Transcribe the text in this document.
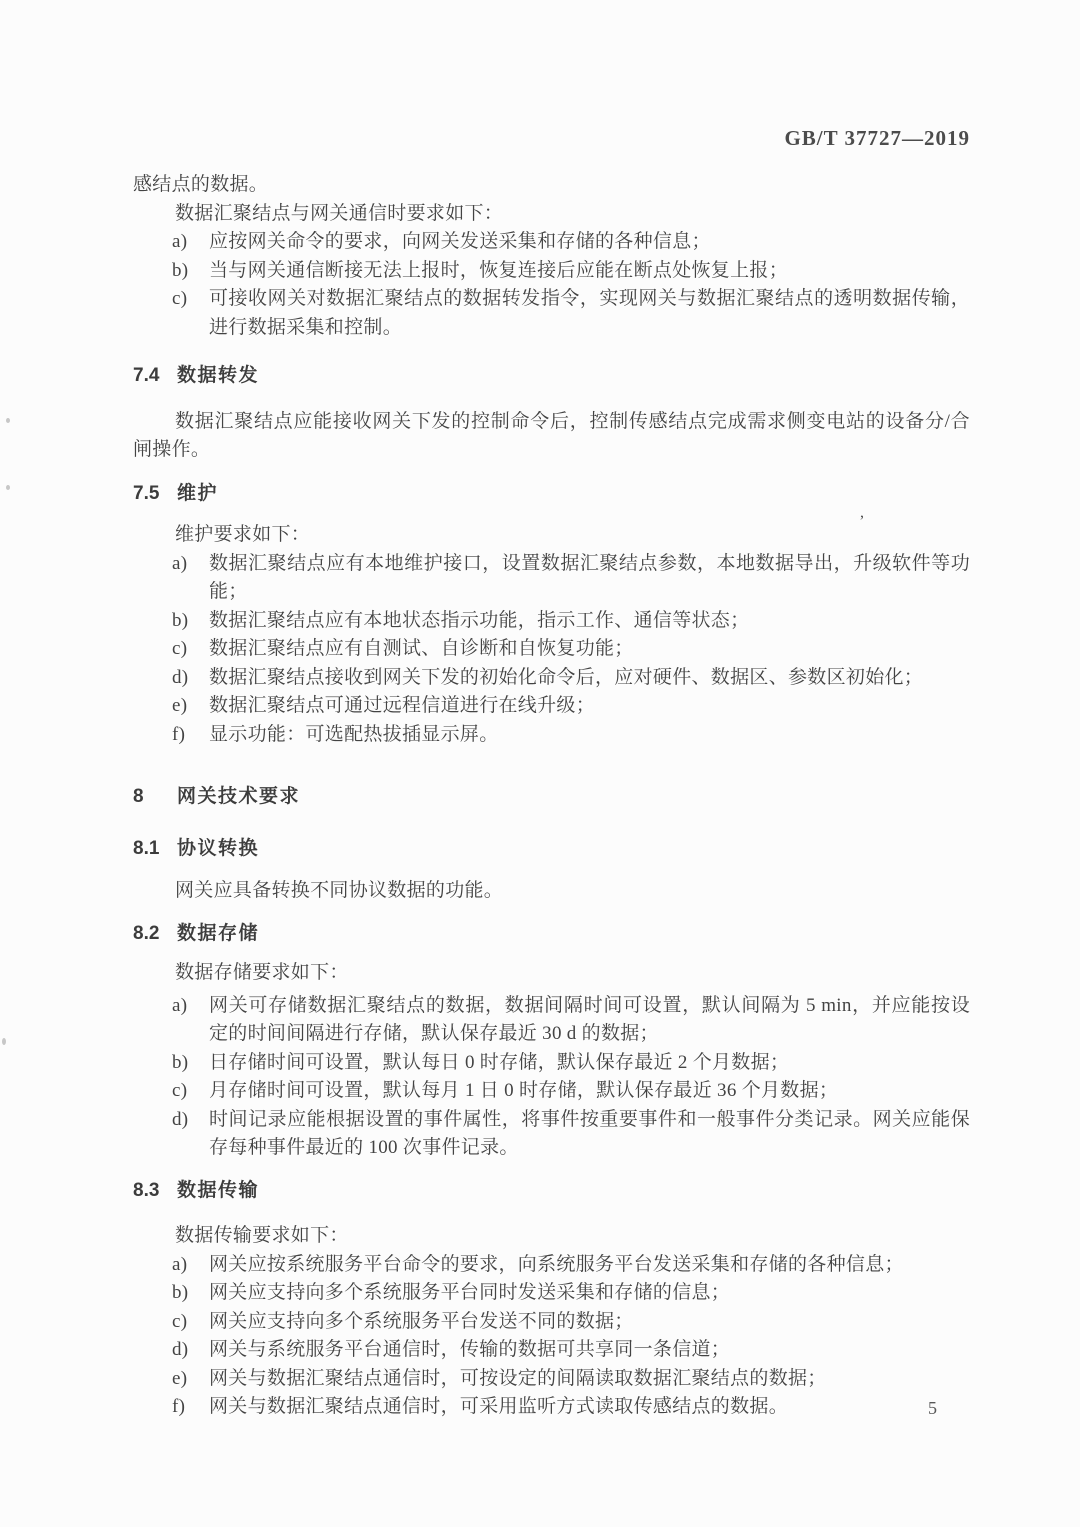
GB/T 37727—2019

感结点的数据。

数据汇聚结点与网关通信时要求如下：

a)	应按网关命令的要求，向网关发送采集和存储的各种信息；
b)	当与网关通信断接无法上报时，恢复连接后应能在断点处恢复上报；
c)	可接收网关对数据汇聚结点的数据转发指令，实现网关与数据汇聚结点的透明数据传输，进行数据采集和控制。
7.4 数据转发

数据汇聚结点应能接收网关下发的控制命令后，控制传感结点完成需求侧变电站的设备分/合闸操作。

7.5 维护

维护要求如下：

a)	数据汇聚结点应有本地维护接口，设置数据汇聚结点参数，本地数据导出，升级软件等功能；
b)	数据汇聚结点应有本地状态指示功能，指示工作、通信等状态；
c)	数据汇聚结点应有自测试、自诊断和自恢复功能；
d)	数据汇聚结点接收到网关下发的初始化命令后，应对硬件、数据区、参数区初始化；
e)	数据汇聚结点可通过远程信道进行在线升级；
f)	显示功能：可选配热拔插显示屏。
8 网关技术要求
8.1 协议转换

网关应具备转换不同协议数据的功能。

8.2 数据存储

数据存储要求如下：

a)	网关可存储数据汇聚结点的数据，数据间隔时间可设置，默认间隔为 5 min，并应能按设定的时间间隔进行存储，默认保存最近 30 d 的数据；
b)	日存储时间可设置，默认每日 0 时存储，默认保存最近 2 个月数据；
c)	月存储时间可设置，默认每月 1 日 0 时存储，默认保存最近 36 个月数据；
d)	时间记录应能根据设置的事件属性，将事件按重要事件和一般事件分类记录。网关应能保存每种事件最近的 100 次事件记录。
8.3 数据传输

数据传输要求如下：

a)	网关应按系统服务平台命令的要求，向系统服务平台发送采集和存储的各种信息；
b)	网关应支持向多个系统服务平台同时发送采集和存储的信息；
c)	网关应支持向多个系统服务平台发送不同的数据；
d)	网关与系统服务平台通信时，传输的数据可共享同一条信道；
e)	网关与数据汇聚结点通信时，可按设定的间隔读取数据汇聚结点的数据；
f)	网关与数据汇聚结点通信时，可采用监听方式读取传感结点的数据。
,
5
